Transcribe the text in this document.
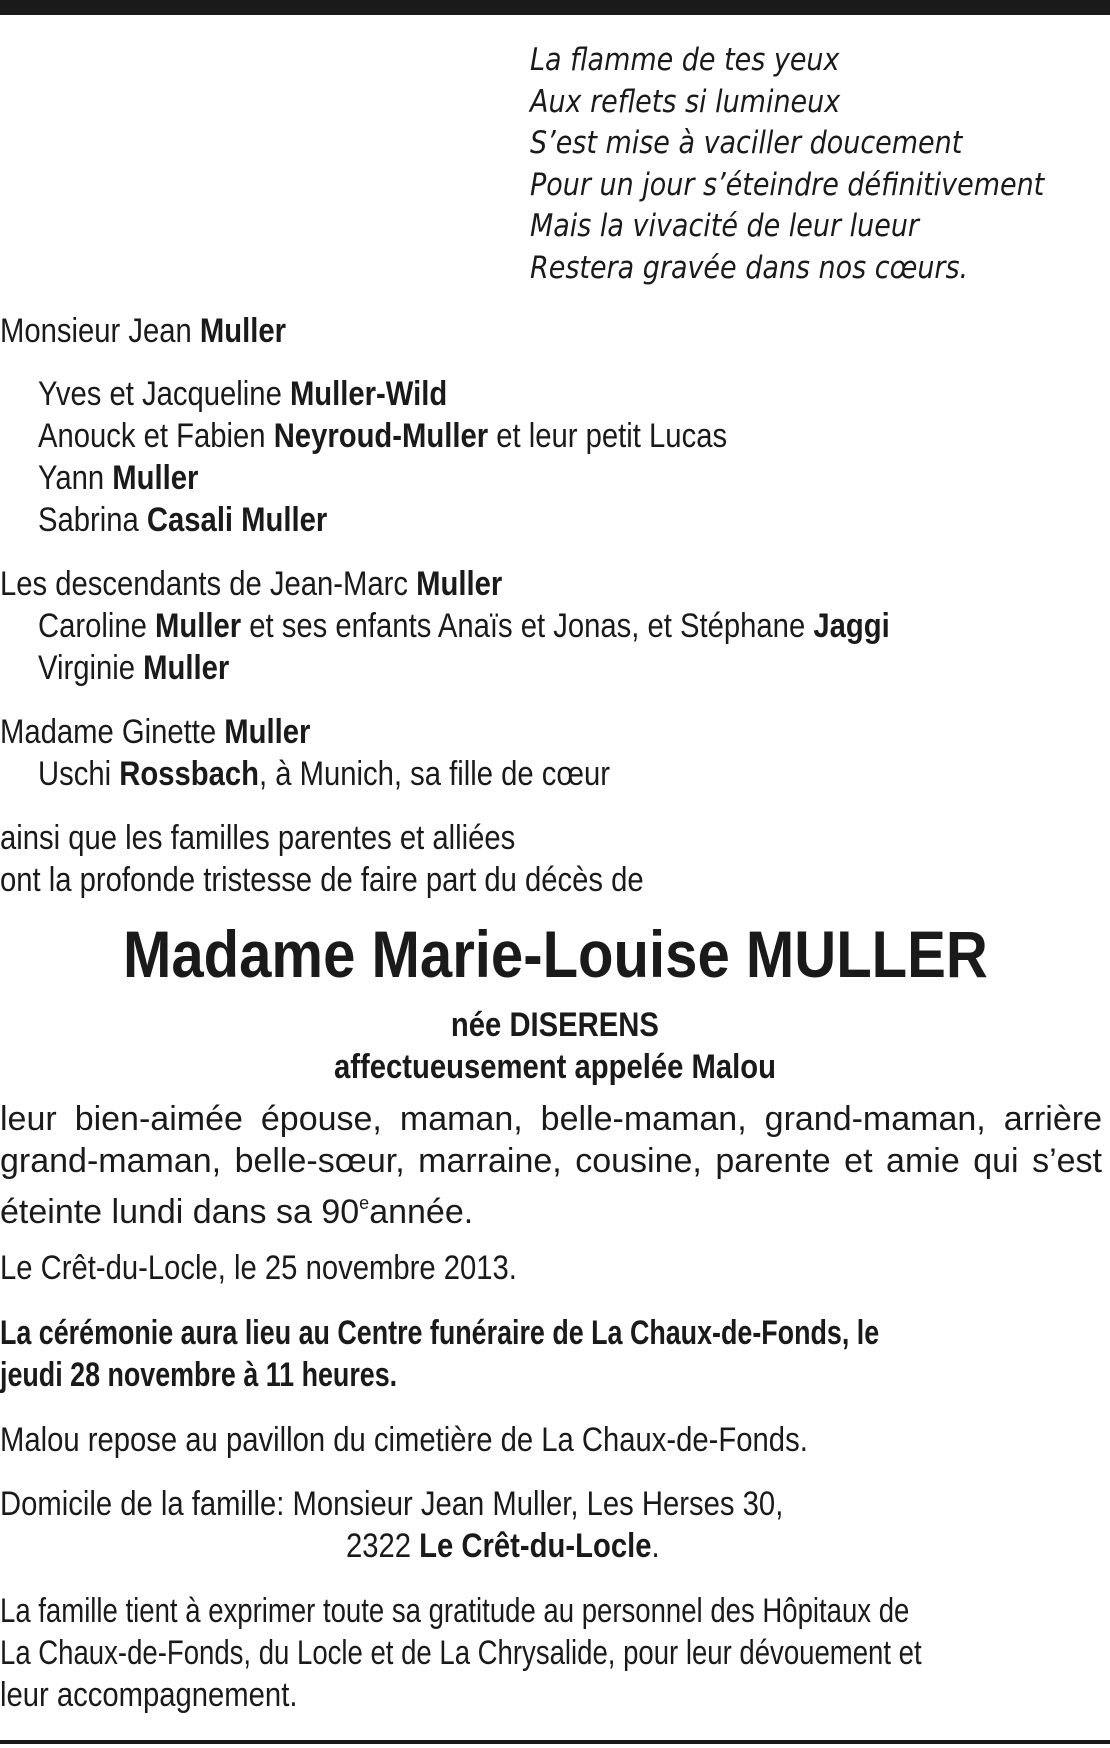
La flamme de tes yeux
Aux reflets si lumineux
S’est mise à vaciller doucement
Pour un jour s’éteindre définitivement
Mais la vivacité de leur lueur
Restera gravée dans nos cœurs.
Monsieur Jean Muller
Yves et Jacqueline Muller-Wild
Anouck et Fabien Neyroud-Muller et leur petit Lucas
Yann Muller
Sabrina Casali Muller
Les descendants de Jean-Marc Muller
Caroline Muller et ses enfants Anaïs et Jonas, et Stéphane Jaggi
Virginie Muller
Madame Ginette Muller
Uschi Rossbach, à Munich, sa fille de cœur
ainsi que les familles parentes et alliées
ont la profonde tristesse de faire part du décès de
Madame Marie-Louise MULLER
née DISERENS
affectueusement appelée Malou
leur bien-aimée épouse, maman, belle-maman, grand-maman, arrière
grand-maman, belle-sœur, marraine, cousine, parente et amie qui s’est
éteinte lundi dans sa 90eannée.
Le Crêt-du-Locle, le 25 novembre 2013.
La cérémonie aura lieu au Centre funéraire de La Chaux-de-Fonds, le
jeudi 28 novembre à 11 heures.
Malou repose au pavillon du cimetière de La Chaux-de-Fonds.
Domicile de la famille: Monsieur Jean Muller, Les Herses 30,
2322 Le Crêt-du-Locle.
La famille tient à exprimer toute sa gratitude au personnel des Hôpitaux de
La Chaux-de-Fonds, du Locle et de La Chrysalide, pour leur dévouement et
leur accompagnement.
